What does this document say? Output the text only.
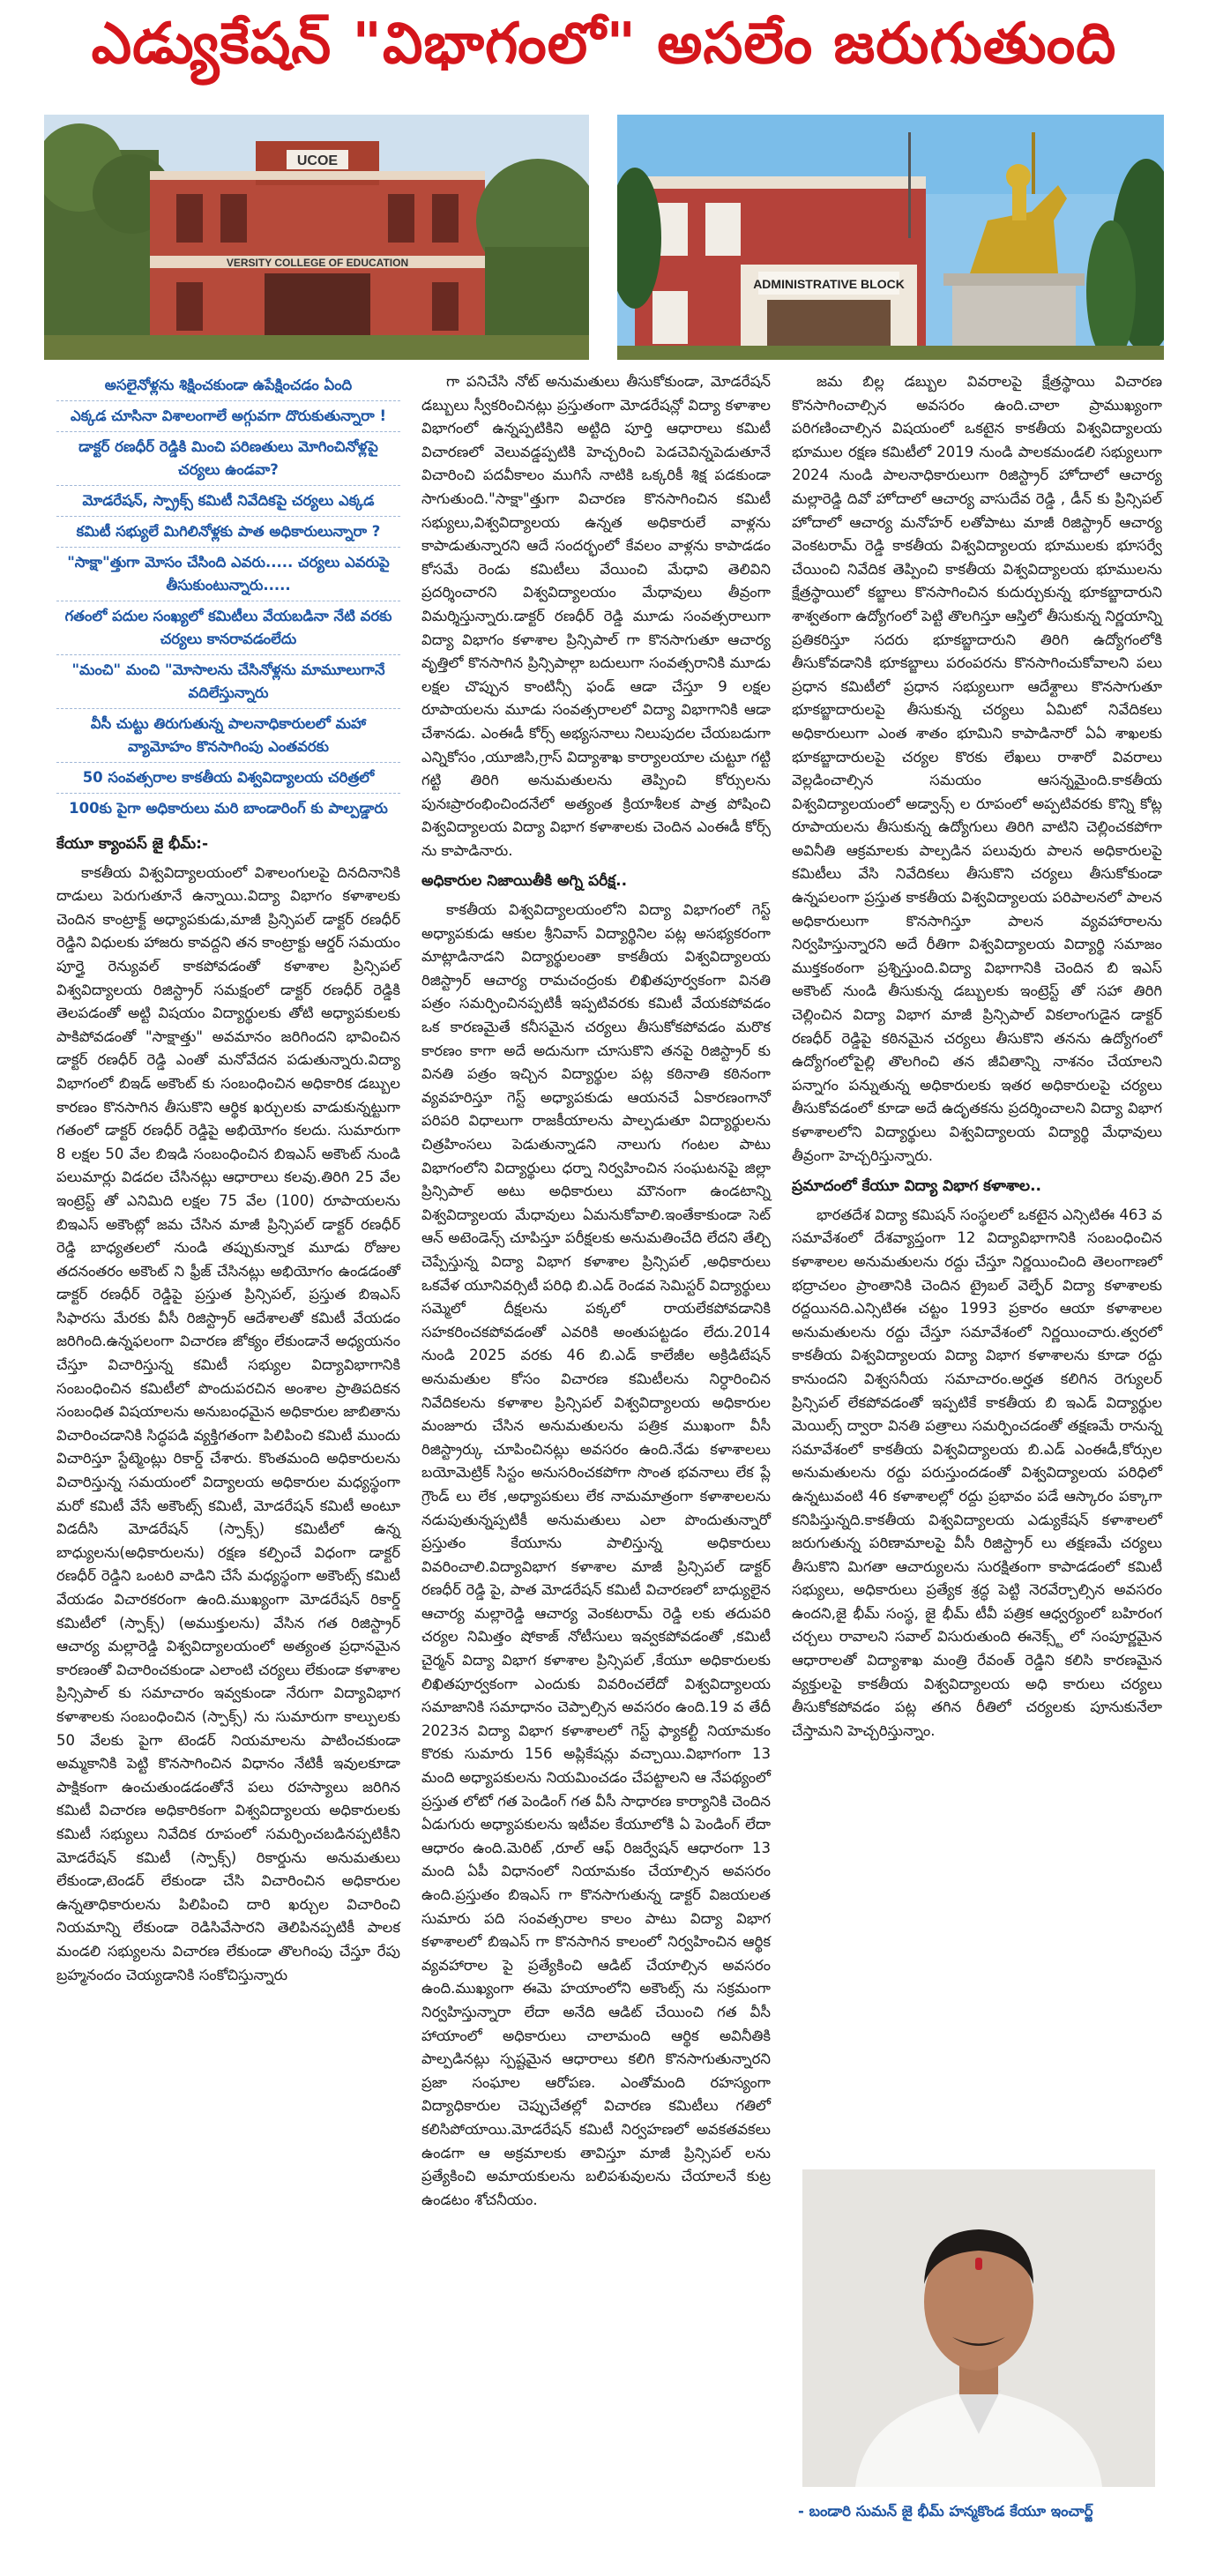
ఎడ్యుకేషన్ "విభాగంలో" అసలేం జరుగుతుంది
UCOE
VERSITY COLLEGE OF EDUCATION
ADMINISTRATIVE BLOCK
అసలైనోళ్లను శిక్షించకుండా ఉపేక్షించడం ఏంది
ఎక్కడ చూసినా విశాలంగాలే అగ్గువగా దొరుకుతున్నారా !
డాక్టర్ రణధీర్ రెడ్డికి మించి పరిణతులు మోగించినోళ్లపై చర్యలు ఉండవా?
మోడరేషన్, స్ప్రాక్స్ కమిటీ నివేదికపై చర్యలు ఎక్కడ
కమిటీ సభ్యులే మిగిలినోళ్లకు పాత అధికారులున్నారా ?
"సాక్షా"త్తుగా మోసం చేసింది ఎవరు..... చర్యలు ఎవరుపై తీసుకుంటున్నారు.....
గతంలో పదుల సంఖ్యలో కమిటీలు వేయబడినా నేటి వరకు చర్యలు కానరావడంలేదు
"మంచి" మంచి "మోసాలను చేసినోళ్లను మామూలుగానే వదిలేస్తున్నారు
వీసీ చుట్టు తిరుగుతున్న పాలనాధికారులలో మహా వ్యామోహం కొనసాగింపు ఎంతవరకు
50 సంవత్సరాల కాకతీయ విశ్వవిద్యాలయ చరిత్రలో
100కు పైగా అధికారులు మరి బాండారింగ్ కు పాల్పడ్డారు
కేయూ క్యాంపస్ జై భీమ్:-

కాకతీయ విశ్వవిద్యాలయంలో విశాలంగులపై దినదినానికి దాడులు పెరుగుతూనే ఉన్నాయి.విద్యా విభాగం కళాశాలకు చెందిన కాంట్రాక్ట్ అధ్యాపకుడు,మాజీ ప్రిన్సిపల్ డాక్టర్ రణధీర్ రెడ్డిని విధులకు హాజరు కావద్దని తన కాంట్రాక్టు ఆర్డర్ సమయం పూర్తై రెన్యువల్ కాకపోవడంతో కళాశాల ప్రిన్సిపల్ విశ్వవిద్యాలయ రిజిస్ట్రార్ సమక్షంలో డాక్టర్ రణధీర్ రెడ్డికి తెలపడంతో అట్టి విషయం విద్యార్థులకు తోటి అధ్యాపకులకు పాకిపోవడంతో "సాక్షాత్తు" అవమానం జరిగిందని భావించిన డాక్టర్ రణధీర్ రెడ్డి ఎంతో మనోవేదన పడుతున్నారు.విద్యా విభాగంలో బిఇడ్ అకౌంట్ కు సంబంధించిన అధికారిక డబ్బుల కారణం కొనసాగిన తీసుకొని ఆర్థిక ఖర్చులకు వాడుకున్నట్టుగా గతంలో డాక్టర్ రణధీర్ రెడ్డిపై అభియోగం కలదు. సుమారుగా 8 లక్షల 50 వేల బిఇడి సంబంధించిన బిఇఎస్ అకౌంట్ నుండి పలుమార్లు విడదల చేసినట్లు ఆధారాలు కలవు.తిరిగి 25 వేల ఇంట్రెస్ట్ తో ఎనిమిది లక్షల 75 వేల (100) రూపాయలను బిఇఎస్ అకౌంట్లో జమ చేసిన మాజీ ప్రిన్సిపల్ డాక్టర్ రణధీర్ రెడ్డి బాధ్యతలలో నుండి తప్పుకున్నాక మూడు రోజుల తదనంతరం అకౌంట్ ని ఫ్రీజ్ చేసినట్లు అభియోగం ఉండడంతో డాక్టర్ రణధీర్ రెడ్డిపై ప్రస్తుత ప్రిన్సిపల్, ప్రస్తుత బిఇఎస్ సిఫారసు మేరకు వీసీ రిజిస్ట్రార్ ఆదేశాలతో కమిటీ వేయడం జరిగింది.ఉన్నఫలంగా విచారణ జోక్యం లేకుండానే అధ్యయనం చేస్తూ విచారిస్తున్న కమిటీ సభ్యుల విద్యావిభాగానికి సంబంధించిన కమిటీలో పొందుపరచిన అంశాల ప్రాతిపదికన సంబంధిత విషయాలను అనుబంధమైన అధికారుల జాబితాను విచారించడానికి సిద్ధపడి వ్యక్తిగతంగా పిలిపించి కమిటీ ముందు విచారిస్తూ స్టేట్మెంట్లు రికార్డ్ చేశారు. కొంతమంది అధికారులను విచారిస్తున్న సమయంలో విద్యాలయ అధికారుల మధ్యస్థంగా మరో కమిటీ వేసే అకౌంట్స్ కమిటీ, మోడరేషన్ కమిటీ అంటూ విడదీసి మోడరేషన్ (స్పాక్స్) కమిటీలో ఉన్న బాధ్యులను(అధికారులను) రక్షణ కల్పించే విధంగా డాక్టర్ రణధీర్ రెడ్డిని ఒంటరి వాడిని చేసే మధ్యస్థంగా అకౌంట్స్ కమిటీ వేయడం విచారకరంగా ఉంది.ముఖ్యంగా మోడరేషన్ రికార్డ్ కమిటీలో (స్పాక్స్) (అముక్తులను) వేసిన గత రిజిస్ట్రార్ ఆచార్య మల్లారెడ్డి విశ్వవిద్యాలయంలో అత్యంత ప్రధానమైన కారణంతో విచారించకుండా ఎలాంటి చర్యలు లేకుండా కళాశాల ప్రిన్సిపాల్ కు సమాచారం ఇవ్వకుండా నేరుగా విద్యావిభాగ కళాశాలకు సంబంధించిన (స్పాక్స్) ను సుమారుగా కాల్పులకు 50 వేలకు పైగా టెండర్ నియమాలను పాటించకుండా అమ్మకానికి పెట్టి కొనసాగించిన విధానం నేటికీ ఇవులకూడా పాక్షికంగా ఉంచుతుండడంతోనే పలు రహస్యాలు జరిగిన కమిటీ విచారణ అధికారికంగా విశ్వవిద్యాలయ అధికారులకు కమిటీ సభ్యులు నివేదిక రూపంలో సమర్పించబడినప్పటికీని మోడరేషన్ కమిటీ (స్పాక్స్) రికార్డును అనుమతులు లేకుండా,టెండర్ లేకుండా చేసి విచారించిన అధికారుల ఉన్నతాధికారులను పిలిపించి దారి ఖర్చుల విచారించి నియమాన్ని లేకుండా రెడిసివేసారని తెలిపినప్పటికీ పాలక మండలి సభ్యులను విచారణ లేకుండా తొలగింపు చేస్తూ రేపు బ్రహ్మనందం చెయ్యడానికి సంకోచిస్తున్నారు

గా పనిచేసి నోట్ అనుమతులు తీసుకోకుండా, మోడరేషన్ డబ్బులు స్వీకరించినట్లు ప్రస్తుతంగా మోడరేషన్లో విద్యా కళాశాల విభాగంలో ఉన్నప్పటికిని అట్టిది పూర్తి ఆధారాలు కమిటీ విచారణలో వెలువడ్డప్పటికి హెచ్చరించి పెడచెవిన్నపెడుతూనే విచారించి పదవీకాలం ముగిసే నాటికి ఒక్కరికీ శిక్ష పడకుండా సాగుతుంది."సాక్షా"త్తుగా విచారణ కొనసాగించిన కమిటీ సభ్యులు,విశ్వవిద్యాలయ ఉన్నత అధికారులే వాళ్లను కాపాడుతున్నారని ఆదే సందర్భంలో కేవలం వాళ్లను కాపాడడం కోసమే రెండు కమిటీలు వేయించి మేధావి తెలివిని ప్రదర్శించారని విశ్వవిద్యాలయం మేధావులు తీవ్రంగా విమర్శిస్తున్నారు.డాక్టర్ రణధీర్ రెడ్డి మూడు సంవత్సరాలుగా విద్యా విభాగం కళాశాల ప్రిన్సిపాల్ గా కొనసాగుతూ ఆచార్య వృత్తిలో కొనసాగిన ప్రిన్సిపాల్గా బదులుగా సంవత్సరానికి మూడు లక్షల చొప్పున కాంటిన్సీ ఫండ్ ఆడా చేస్తూ 9 లక్షల రూపాయలను మూడు సంవత్సరాలలో విద్యా విభాగానికి ఆడా చేశానడు. ఎంఈడీ కోర్స్ అభ్యసనాలు నిలుపుదల చేయబడుగా ఎన్నికోసం ,యూజిసి,గ్రాస్ విద్యాశాఖ కార్యాలయాల చుట్టూ గట్టి గట్టి తిరిగి అనుమతులను తెప్పించి కోర్సులను పునఃప్రారంభించిందనేలో అత్యంత క్రియాశీలక పాత్ర పోషించి విశ్వవిద్యాలయ విద్యా విభాగ కళాశాలకు చెందిన ఎంఈడీ కోర్స్ ను కాపాడినారు.

అధికారుల నిజాయితీకి అగ్ని పరీక్ష..

కాకతీయ విశ్వవిద్యాలయంలోని విద్యా విభాగంలో గెస్ట్ అధ్యాపకుడు ఆకుల శ్రీనివాస్ విద్యార్థినిల పట్ల అసభ్యకరంగా మాట్లాడినాడని విద్యార్థులంతా కాకతీయ విశ్వవిద్యాలయ రిజిస్ట్రార్ ఆచార్య రామచంద్రంకు లిఖితపూర్వకంగా వినతి పత్రం సమర్పించినప్పటికీ ఇప్పటివరకు కమిటీ వేయకపోవడం ఒక కారణమైతే కనీసమైన చర్యలు తీసుకోకపోవడం మరొక కారణం కాగా అదే అదునుగా చూసుకొని తనపై రిజిస్ట్రార్ కు వినతి పత్రం ఇచ్చిన విద్యార్థుల పట్ల కఠినాతి కఠినంగా వ్యవహరిస్తూ గెస్ట్ అధ్యాపకుడు ఆయనచే ఏకారణంగానో పరిపరి విధాలుగా రాజకీయాలను పాల్పడుతూ విద్యార్థులను చిత్రహింసలు పెడుతున్నాడని నాలుగు గంటల పాటు విభాగంలోని విద్యార్థులు ధర్నా నిర్వహించిన సంఘటనపై జిల్లా ప్రిన్సిపాల్ అటు అధికారులు మౌనంగా ఉండటాన్ని విశ్వవిద్యాలయ మేధావులు ఏమనుకోవాలి.ఇంతేకాకుండా సెట్ ఆన్ అటెండెన్స్ చూపిస్తూ పరీక్షలకు అనుమతించేది లేదని తేల్చి చెప్పేస్తున్న విద్యా విభాగ కళాశాల ప్రిన్సిపల్ ,అధికారులు ఒకవేళ యూనివర్సిటీ పరిధి బి.ఎడ్ రెండవ సెమిస్టర్ విద్యార్థులు సమ్మెలో దీక్షలను పక్కలో రాయలేకపోవడానికి సహకరించకపోవడంతో ఎవరికి అంతుపట్టడం లేదు.2014 నుండి 2025 వరకు 46 బి.ఎడ్ కాలేజీల అక్రిడిటేషన్ అనుమతుల కోసం విచారణ కమిటీలను నిర్ధారించిన నివేదికలను కళాశాల ప్రిన్సిపల్ విశ్వవిద్యాలయ అధికారుల మంజూరు చేసిన అనుమతులను పత్రిక ముఖంగా వీసీ రిజిస్ట్రార్కు చూపించినట్లు అవసరం ఉంది.నేడు కళాశాలలు బయోమెట్రిక్ సిస్టం అనుసరించకపోగా సొంత భవనాలు లేక ప్లే గ్రౌండ్ లు లేక ,అధ్యాపకులు లేక నామమాత్రంగా కళాశాలలను నడుపుతున్నప్పటికీ అనుమతులు ఎలా పొందుతున్నారో ప్రస్తుతం కేయూను పాలిస్తున్న అధికారులు వివరించాలి.విద్యావిభాగ కళాశాల మాజీ ప్రిన్సిపల్ డాక్టర్ రణధీర్ రెడ్డి పై, పాత మోడరేషన్ కమిటీ విచారణలో బాధ్యులైన ఆచార్య మల్లారెడ్డి ఆచార్య వెంకటరామ్ రెడ్డి లకు తదుపరి చర్యల నిమిత్తం షోకాజ్ నోటీసులు ఇవ్వకపోవడంతో ,కమిటీ చైర్మన్ విద్యా విభాగ కళాశాల ప్రిన్సిపల్ ,కేయూ అధికారులకు లిఖితపూర్వకంగా ఎందుకు వివరించలేదో విశ్వవిద్యాలయ సమాజానికి సమాధానం చెప్పాల్సిన అవసరం ఉంది.19 వ తేదీ 2023న విద్యా విభాగ కళాశాలలో గెస్ట్ ఫ్యాకల్టీ నియామకం కొరకు సుమారు 156 అప్లికేషన్లు వచ్చాయి.విభాగంగా 13 మంది అధ్యాపకులను నియమించడం చేపట్టాలని ఆ నేపథ్యంలో ప్రస్తుత లోటో గత పెండింగ్ గత వీసీ సాధారణ కార్యానికి చెందిన ఏడుగురు అధ్యాపకులను ఇటీవల కేయూలోకి ఏ పెండింగ్ లేదా ఆధారం ఉంది.మెరిట్ ,రూల్ ఆఫ్ రిజర్వేషన్ ఆధారంగా 13 మంది ఏపీ విధానంలో నియామకం చేయాల్సిన అవసరం ఉంది.ప్రస్తుతం బిఇఎస్ గా కొనసాగుతున్న డాక్టర్ విజయలత సుమారు పది సంవత్సరాల కాలం పాటు విద్యా విభాగ కళాశాలలో బిఇఎస్ గా కొనసాగిన కాలంలో నిర్వహించిన ఆర్థిక వ్యవహారాల పై ప్రత్యేకించి ఆడిట్ చేయాల్సిన అవసరం ఉంది.ముఖ్యంగా ఈమె హయాంలోని అకౌంట్స్ ను సక్రమంగా నిర్వహిస్తున్నారా లేదా అనేది ఆడిట్ చేయించి గత వీసీ హాయాంలో అధికారులు చాలామంది ఆర్థిక అవినీతికి పాల్పడినట్లు స్పష్టమైన ఆధారాలు కలిగి కొనసాగుతున్నారని ప్రజా సంఘాల ఆరోపణ. ఎంతోమంది రహస్యంగా విద్యాధికారుల చెప్పుచేతల్లో విచారణ కమిటీలు గతిలో కలిసిపోయాయి.మోడరేషన్ కమిటీ నిర్వహణలో అవకతవకలు ఉండగా ఆ అక్రమాలకు తావిస్తూ మాజీ ప్రిన్సిపల్ లను ప్రత్యేకించి అమాయకులను బలిపశువులను చేయాలనే కుట్ర ఉండటం శోచనీయం.

జమ బిల్ల డబ్బుల వివరాలపై క్షేత్రస్థాయి విచారణ కొనసాగించాల్సిన అవసరం ఉంది.చాలా ప్రాముఖ్యంగా పరిగణించాల్సిన విషయంలో ఒకటైన కాకతీయ విశ్వవిద్యాలయ భూముల రక్షణ కమిటీలో 2019 నుండి పాలకమండలి సభ్యులుగా 2024 నుండి పాలనాధికారులుగా రిజిస్ట్రార్ హోదాలో ఆచార్య మల్లారెడ్డి దివో హోదాలో ఆచార్య వాసుదేవ రెడ్డి , డీన్ కు ప్రిన్సిపల్ హోదాలో ఆచార్య మనోహర్ లతోపాటు మాజీ రిజిస్ట్రార్ ఆచార్య వెంకటరామ్ రెడ్డి కాకతీయ విశ్వవిద్యాలయ భూములకు భూసర్వే చేయించి నివేదిక తెప్పించి కాకతీయ విశ్వవిద్యాలయ భూములను క్షేత్రస్థాయిలో కబ్జాలు కొనసాగించిన కుదుర్చుకున్న భూకబ్జాదారుని శాశ్వతంగా ఉద్యోగంలో పెట్టి తొలగిస్తూ ఆస్తిలో తీసుకున్న నిర్ణయాన్ని ప్రతికరిస్తూ సదరు భూకబ్జాదారుని తిరిగి ఉద్యోగంలోకి తీసుకోవడానికి భూకబ్జాలు పరంపరను కొనసాగించుకోవాలని పలు ప్రధాన కమిటీలో ప్రధాన సభ్యులుగా ఆదేశ్టాలు కొనసాగుతూ భూకబ్జాదారులపై తీసుకున్న చర్యలు ఏమిటో నివేదికలు అధికారులుగా ఎంత శాతం భూమిని కాపాడినారో ఏఏ శాఖలకు భూకబ్జాదారులపై చర్యల కొరకు లేఖలు రాశారో వివరాలు వెల్లడించాల్సిన సమయం ఆసన్నమైంది.కాకతీయ విశ్వవిద్యాలయంలో అడ్వాన్స్ ల రూపంలో అప్పటివరకు కొన్ని కోట్ల రూపాయలను తీసుకున్న ఉద్యోగులు తిరిగి వాటిని చెల్లించకపోగా అవినీతి ఆక్రమాలకు పాల్పడిన పలువురు పాలన అధికారులపై కమిటీలు వేసి నివేదికలు తీసుకొని చర్యలు తీసుకోకుండా ఉన్నపలంగా ప్రస్తుత కాకతీయ విశ్వవిద్యాలయ పరిపాలనలో పాలన అధికారులుగా కొనసాగిస్తూ పాలన వ్యవహారాలను నిర్వహిస్తున్నారని అదే రీతిగా విశ్వవిద్యాలయ విద్యార్థి సమాజం ముక్తకంఠంగా ప్రశ్నిస్తుంది.విద్యా విభాగానికి చెందిన బి ఇఎస్ అకౌంట్ నుండి తీసుకున్న డబ్బులకు ఇంట్రెస్ట్ తో సహా తిరిగి చెల్లించిన విద్యా విభాగ మాజీ ప్రిన్సిపాల్ వికలాంగుడైన డాక్టర్ రణధీర్ రెడ్డిపై కఠినమైన చర్యలు తీసుకొని తనను ఉద్యోగంలో ఉద్యోగంలోపైల్లి తొలగించి తన జీవితాన్ని నాశనం చేయాలని పన్నాగం పన్నుతున్న అధికారులకు ఇతర అధికారులపై చర్యలు తీసుకోవడంలో కూడా అదే ఉదృతకను ప్రదర్శించాలని విద్యా విభాగ కళాశాలలోని విద్యార్థులు విశ్వవిద్యాలయ విద్యార్థి మేధావులు తీవ్రంగా హెచ్చరిస్తున్నారు.

ప్రమాదంలో కేయూ విద్యా విభాగ కళాశాల..

భారతదేశ విద్యా కమిషన్ సంస్థలలో ఒకటైన ఎన్సిటిఈ 463 వ సమావేశంలో దేశవ్యాప్తంగా 12 విద్యావిభాగానికి సంబంధించిన కళాశాలల అనుమతులను రద్దు చేస్తూ నిర్ణయించింది తెలంగాణలో భద్రాచలం ప్రాంతానికి చెందిన ట్రైబల్ వెల్ఫేర్ విద్యా కళాశాలకు రద్దయినది.ఎన్సిటిఈ చట్టం 1993 ప్రకారం ఆయా కళాశాలల అనుమతులను రద్దు చేస్తూ సమావేశంలో నిర్ణయించారు.త్వరలో కాకతీయ విశ్వవిద్యాలయ విద్యా విభాగ కళాశాలను కూడా రద్దు కానుందని విశ్వసనీయ సమాచారం.అర్హత కలిగిన రెగ్యులర్ ప్రిన్సిపల్ లేకపోవడంతో ఇప్పటికే కాకతీయ బి ఇఎడ్ విద్యార్థుల మెయిల్స్ ద్వారా వినతి పత్రాలు సమర్పించడంతో తక్షణమే రానున్న సమావేశంలో కాకతీయ విశ్వవిద్యాలయ బి.ఎడ్ ఎంఈడీ,కోర్సుల అనుమతులను రద్దు పరుస్తుందడంతో విశ్వవిద్యాలయ పరిధిలో ఉన్నటువంటి 46 కళాశాలల్లో రద్దు ప్రభావం పడే ఆస్కారం పక్కాగా కనిపిస్తున్నది.కాకతీయ విశ్వవిద్యాలయ ఎడ్యుకేషన్ కళాశాలలో జరుగుతున్న పరిణామాలపై వీసీ రిజిస్ట్రార్ లు తక్షణమే చర్యలు తీసుకొని మిగతా ఆచార్యులను సురక్షితంగా కాపాడడంలో కమిటీ సభ్యులు, అధికారులు ప్రత్యేక శ్రద్ధ పెట్టి నెరవేర్చాల్సిన అవసరం ఉందని,జై భీమ్ సంస్థ, జై భీమ్ టీవీ పత్రిక ఆధ్వర్యంలో బహిరంగ చర్చలు రావాలని సవాల్ విసురుతుంది ఈనెక్స్ట్ లో సంపూర్ణమైన ఆధారాలతో విద్యాశాఖ మంత్రి రేవంత్ రెడ్డిని కలిసి కారణమైన వ్యక్తులపై కాకతీయ విశ్వవిద్యాలయ అధి కారులు చర్యలు తీసుకోకపోవడం పట్ల తగిన రీతిలో చర్యలకు పూనుకునేలా చేస్తామని హెచ్చరిస్తున్నాం.

- బండారి సుమన్ జై భీమ్ హన్మకొండ కేయూ ఇంచార్జ్
